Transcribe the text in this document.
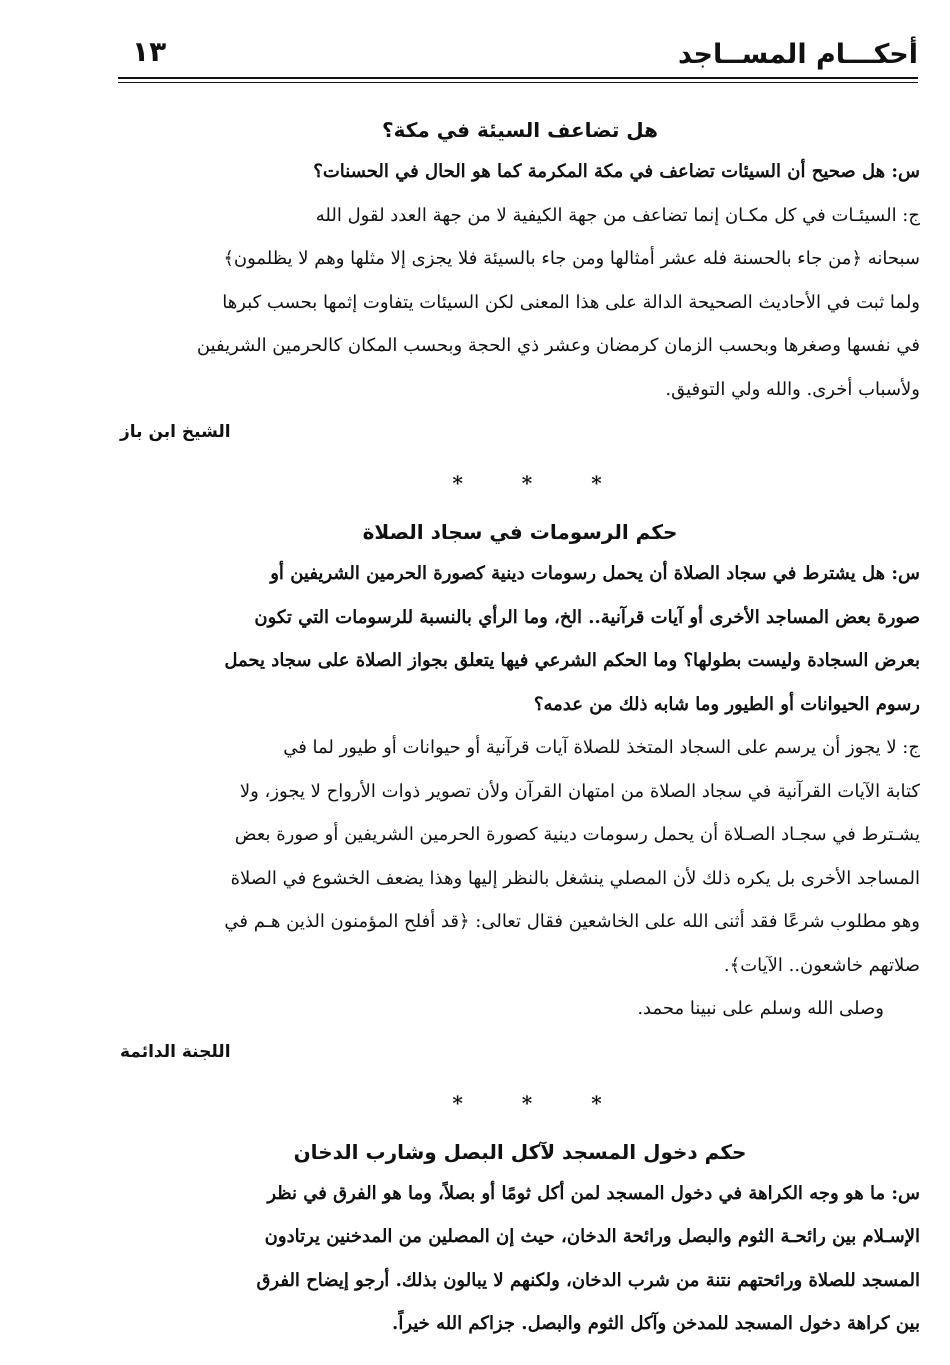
أحكـــام المســاجد
١٣
هل تضاعف السيئة في مكة؟

س: هل صحيح أن السيئات تضاعف في مكة المكرمة كما هو الحال في الحسنات؟

ج: السيئـات في كل مكـان إنما تضاعف من جهة الكيفية لا من جهة العدد لقول الله

سبحانه ﴿من جاء بالحسنة فله عشر أمثالها ومن جاء بالسيئة فلا يجزى إلا مثلها وهم لا يظلمون﴾

ولما ثبت في الأحاديث الصحيحة الدالة على هذا المعنى لكن السيئات يتفاوت إثمها بحسب كبرها

في نفسها وصغرها وبحسب الزمان كرمضان وعشر ذي الحجة وبحسب المكان كالحرمين الشريفين

ولأسباب أخرى. والله ولي التوفيق.

الشيخ ابن باز

* * *
حكم الرسومات في سجاد الصلاة

س: هل يشترط في سجاد الصلاة أن يحمل رسومات دينية كصورة الحرمين الشريفين أو

صورة بعض المساجد الأخرى أو آيات قرآنية.. الخ، وما الرأي بالنسبة للرسومات التي تكون

بعرض السجادة وليست بطولها؟ وما الحكم الشرعي فيها يتعلق بجواز الصلاة على سجاد يحمل

رسوم الحيوانات أو الطيور وما شابه ذلك من عدمه؟

ج: لا يجوز أن يرسم على السجاد المتخذ للصلاة آيات قرآنية أو حيوانات أو طيور لما في

كتابة الآيات القرآنية في سجاد الصلاة من امتهان القرآن ولأن تصوير ذوات الأرواح لا يجوز، ولا

يشـترط في سجـاد الصـلاة أن يحمل رسومات دينية كصورة الحرمين الشريفين أو صورة بعض

المساجد الأخرى بل يكره ذلك لأن المصلي ينشغل بالنظر إليها وهذا يضعف الخشوع في الصلاة

وهو مطلوب شرعًا فقد أثنى الله على الخاشعين فقال تعالى: ﴿قد أفلح المؤمنون الذين هـم في

صلاتهم خاشعون.. الآيات﴾.

وصلى الله وسلم على نبينا محمد.

اللجنة الدائمة

* * *
حكم دخول المسجد لآكل البصل وشارب الدخان

س: ما هو وجه الكراهة في دخول المسجد لمن أكل ثومًا أو بصلاً، وما هو الفرق في نظر

الإسـلام بين رائحـة الثوم والبصل ورائحة الدخان، حيث إن المصلين من المدخنين يرتادون

المسجد للصلاة ورائحتهم نتنة من شرب الدخان، ولكنهم لا يبالون بذلك. أرجو إيضاح الفرق

بين كراهة دخول المسجد للمدخن وآكل الثوم والبصل. جزاكم الله خيراً.
